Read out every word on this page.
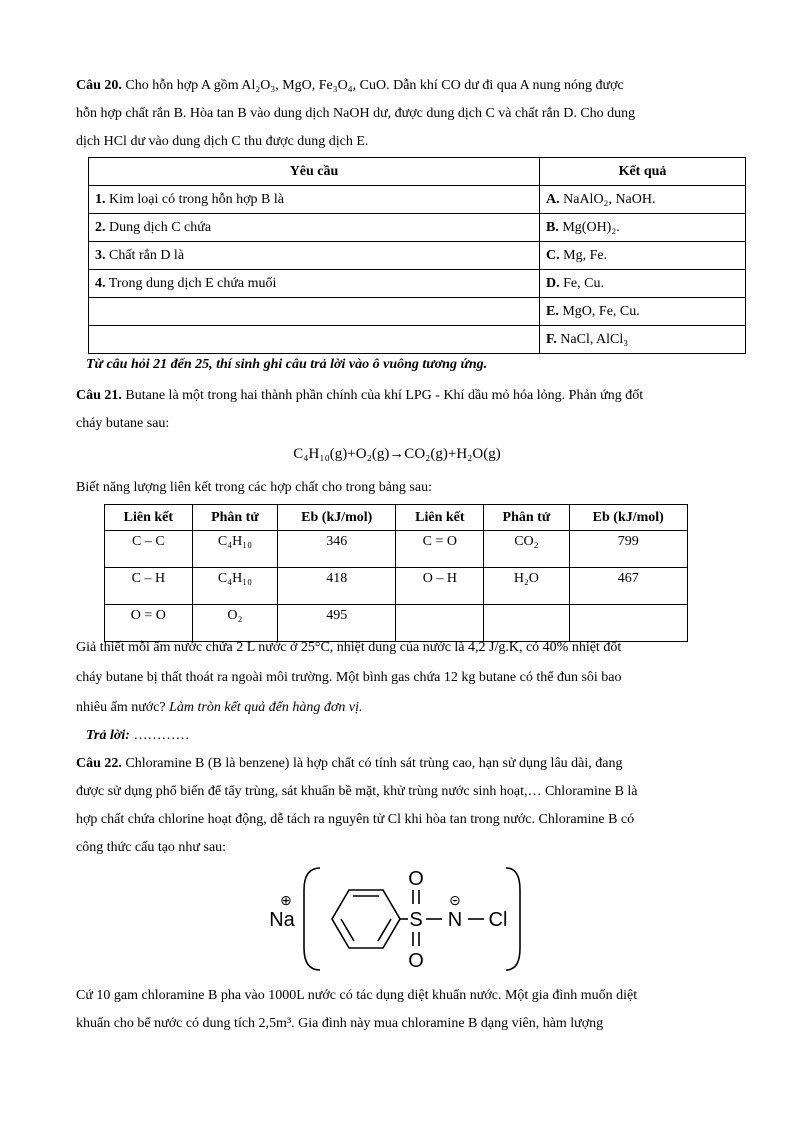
Câu 20. Cho hỗn hợp A gồm Al₂O₃, MgO, Fe₃O₄, CuO. Dẫn khí CO dư đi qua A nung nóng được

hỗn hợp chất rắn B. Hòa tan B vào dung dịch NaOH dư, được dung dịch C và chất rắn D. Cho dung

dịch HCl dư vào dung dịch C thu được dung dịch E.

Yêu cầu	Kết quả
1. Kim loại có trong hỗn hợp B là	A. NaAlO₂, NaOH.
2. Dung dịch C chứa	B. Mg(OH)₂.
3. Chất rắn D là	C. Mg, Fe.
4. Trong dung dịch E chứa muối	D. Fe, Cu.
	E. MgO, Fe, Cu.
	F. NaCl, AlCl₃

Từ câu hỏi 21 đến 25, thí sinh ghi câu trả lời vào ô vuông tương ứng.

Câu 21. Butane là một trong hai thành phần chính của khí LPG - Khí dầu mỏ hóa lỏng. Phản ứng đốt

cháy butane sau:

C₄H₁₀(g)+O₂(g)→CO₂(g)+H₂O(g)

Biết năng lượng liên kết trong các hợp chất cho trong bảng sau:

Liên kết	Phân tử	Eb (kJ/mol)	Liên kết	Phân tử	Eb (kJ/mol)
C – C	C₄H₁₀	346	C = O	CO₂	799
C – H	C₄H₁₀	418	O – H	H₂O	467
O = O	O₂	495			

Giả thiết mỗi ấm nước chứa 2 L nước ở 25°C, nhiệt dung của nước là 4,2 J/g.K, có 40% nhiệt đốt

cháy butane bị thất thoát ra ngoài môi trường. Một bình gas chứa 12 kg butane có thể đun sôi bao

nhiêu ấm nước? Làm tròn kết quả đến hàng đơn vị.

Trả lời: …………

Câu 22. Chloramine B (B là benzene) là hợp chất có tính sát trùng cao, hạn sử dụng lâu dài, đang

được sử dụng phổ biến để tẩy trùng, sát khuẩn bề mặt, khử trùng nước sinh hoạt,… Chloramine B là

hợp chất chứa chlorine hoạt động, dễ tách ra nguyên tử Cl khi hòa tan trong nước. Chloramine B có

công thức cấu tạo như sau:

⊕
Na
O
S
O
⊝
N Cl

Cứ 10 gam chloramine B pha vào 1000L nước có tác dụng diệt khuẩn nước. Một gia đình muốn diệt

khuẩn cho bể nước có dung tích 2,5m³. Gia đình này mua chloramine B dạng viên, hàm lượng
